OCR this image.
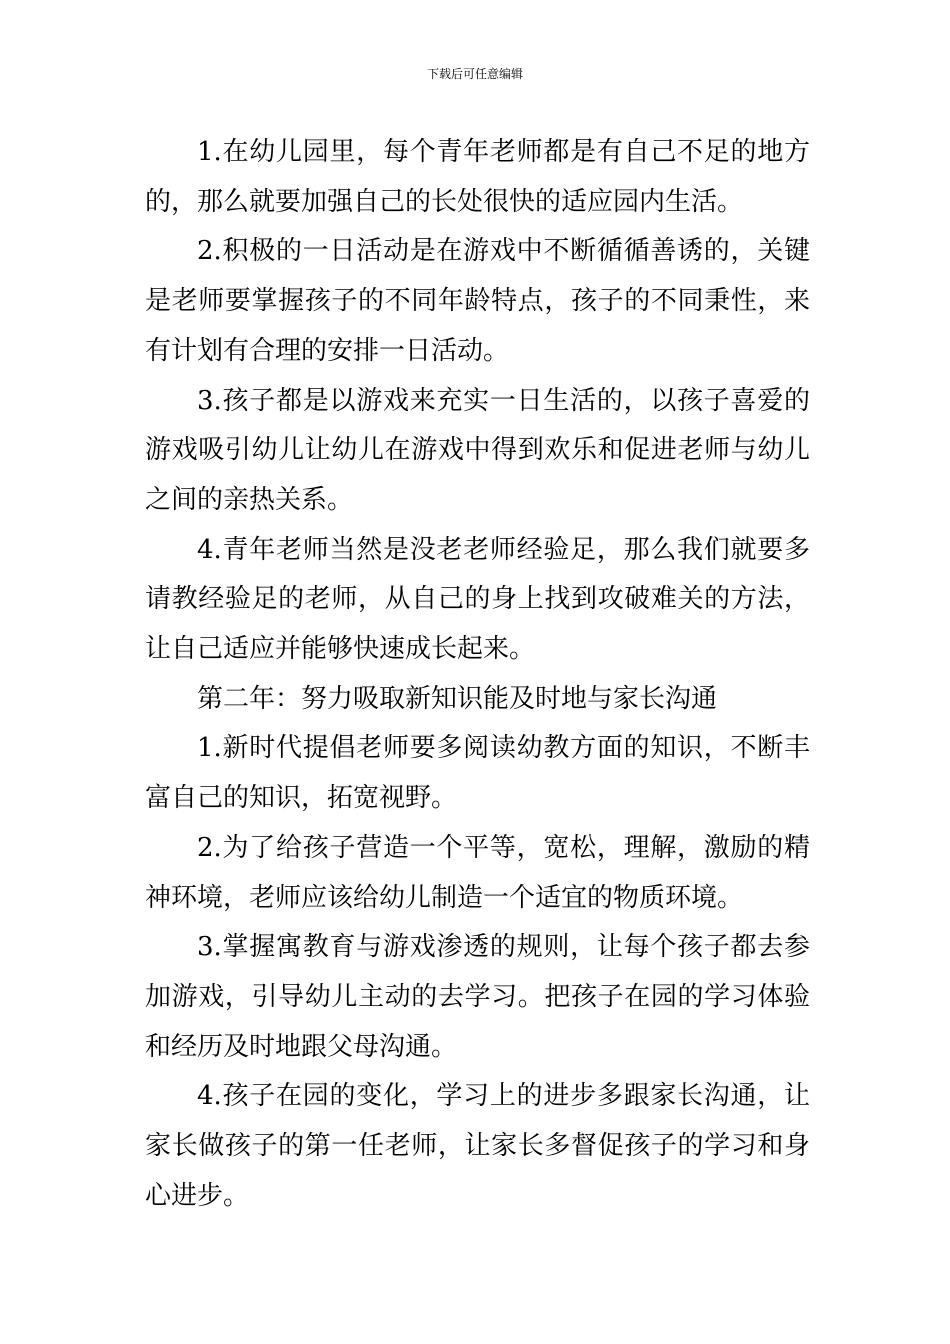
下载后可任意编辑

1.在幼儿园里，每个青年老师都是有自己不足的地方的，那么就要加强自己的长处很快的适应园内生活。

2.积极的一日活动是在游戏中不断循循善诱的，关键是老师要掌握孩子的不同年龄特点，孩子的不同秉性，来有计划有合理的安排一日活动。

3.孩子都是以游戏来充实一日生活的，以孩子喜爱的游戏吸引幼儿让幼儿在游戏中得到欢乐和促进老师与幼儿之间的亲热关系。

4.青年老师当然是没老老师经验足，那么我们就要多请教经验足的老师，从自己的身上找到攻破难关的方法，让自己适应并能够快速成长起来。

第二年：努力吸取新知识能及时地与家长沟通

1.新时代提倡老师要多阅读幼教方面的知识，不断丰富自己的知识，拓宽视野。

2.为了给孩子营造一个平等，宽松，理解，激励的精神环境，老师应该给幼儿制造一个适宜的物质环境。

3.掌握寓教育与游戏渗透的规则，让每个孩子都去参加游戏，引导幼儿主动的去学习。把孩子在园的学习体验和经历及时地跟父母沟通。

4.孩子在园的变化，学习上的进步多跟家长沟通，让家长做孩子的第一任老师，让家长多督促孩子的学习和身心进步。
